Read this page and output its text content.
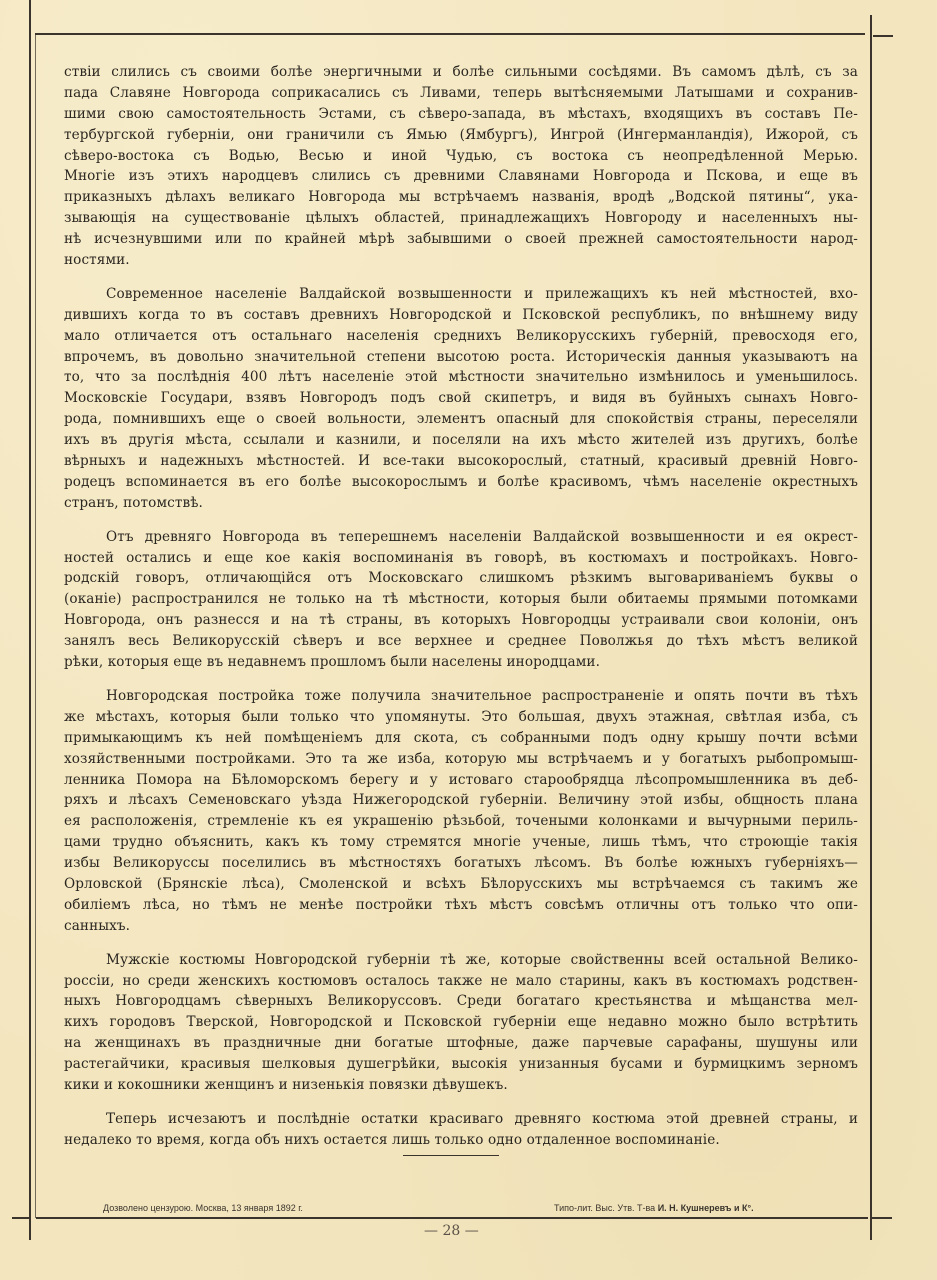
ствіи слились съ своими болѣе энергичными и болѣе сильными сосѣдями. Въ самомъ дѣлѣ, съ за
пада Славяне Новгорода соприкасались съ Ливами, теперь вытѣсняемыми Латышами и сохранив-
шими свою самостоятельность Эстами, съ сѣверо-запада, въ мѣстахъ, входящихъ въ составъ Пе-
тербургской губерніи, они граничили съ Ямью (Ямбургъ), Ингрой (Ингерманландія), Ижорой, съ
сѣверо-востока съ Водью, Весью и иной Чудью, съ востока съ неопредѣленной Мерью.
Многіе изъ этихъ народцевъ слились съ древними Славянами Новгорода и Пскова, и еще въ
приказныхъ дѣлахъ великаго Новгорода мы встрѣчаемъ названія, вродѣ „Водской пятины“, ука-
зывающія на существованіе цѣлыхъ областей, принадлежащихъ Новгороду и населенныхъ ны-
нѣ исчезнувшими или по крайней мѣрѣ забывшими о своей прежней самостоятельности народ-
ностями.
Современное населеніе Валдайской возвышенности и прилежащихъ къ ней мѣстностей, вхо-
дившихъ когда то въ составъ древнихъ Новгородской и Псковской республикъ, по внѣшнему виду
мало отличается отъ остальнаго населенія среднихъ Великорусскихъ губерній, превосходя его,
впрочемъ, въ довольно значительной степени высотою роста. Историческія данныя указываютъ на
то, что за послѣднія 400 лѣтъ населеніе этой мѣстности значительно измѣнилось и уменьшилось.
Московскіе Государи, взявъ Новгородъ подъ свой скипетръ, и видя въ буйныхъ сынахъ Новго-
рода, помнившихъ еще о своей вольности, элементъ опасный для спокойствія страны, переселяли
ихъ въ другія мѣста, ссылали и казнили, и поселяли на ихъ мѣсто жителей изъ другихъ, болѣе
вѣрныхъ и надежныхъ мѣстностей. И все-таки высокорослый, статный, красивый древній Новго-
родецъ вспоминается въ его болѣе высокорослымъ и болѣе красивомъ, чѣмъ населеніе окрестныхъ
странъ, потомствѣ.
Отъ древняго Новгорода въ теперешнемъ населеніи Валдайской возвышенности и ея окрест-
ностей остались и еще кое какія воспоминанія въ говорѣ, въ костюмахъ и постройкахъ. Новго-
родскій говоръ, отличающійся отъ Московскаго слишкомъ рѣзкимъ выговариваніемъ буквы о
(оканіе) распространился не только на тѣ мѣстности, которыя были обитаемы прямыми потомками
Новгорода, онъ разнесся и на тѣ страны, въ которыхъ Новгородцы устраивали свои колоніи, онъ
занялъ весь Великорусскій сѣверъ и все верхнее и среднее Поволжья до тѣхъ мѣстъ великой
рѣки, которыя еще въ недавнемъ прошломъ были населены инородцами.
Новгородская постройка тоже получила значительное распространеніе и опять почти въ тѣхъ
же мѣстахъ, которыя были только что упомянуты. Это большая, двухъ этажная, свѣтлая изба, съ
примыкающимъ къ ней помѣщеніемъ для скота, съ собранными подъ одну крышу почти всѣми
хозяйственными постройками. Это та же изба, которую мы встрѣчаемъ и у богатыхъ рыбопромыш-
ленника Помора на Бѣломорскомъ берегу и у истоваго старообрядца лѣсопромышленника въ деб-
ряхъ и лѣсахъ Семеновскаго уѣзда Нижегородской губерніи. Величину этой избы, общность плана
ея расположенія, стремленіе къ ея украшенію рѣзьбой, точеными колонками и вычурными периль-
цами трудно объяснить, какъ къ тому стремятся многіе ученые, лишь тѣмъ, что строющіе такія
избы Великоруссы поселились въ мѣстностяхъ богатыхъ лѣсомъ. Въ болѣе южныхъ губерніяхъ—
Орловской (Брянскіе лѣса), Смоленской и всѣхъ Бѣлорусскихъ мы встрѣчаемся съ такимъ же
обиліемъ лѣса, но тѣмъ не менѣе постройки тѣхъ мѣстъ совсѣмъ отличны отъ только что опи-
санныхъ.
Мужскіе костюмы Новгородской губерніи тѣ же, которые свойственны всей остальной Велико-
россіи, но среди женскихъ костюмовъ осталось также не мало старины, какъ въ костюмахъ родствен-
ныхъ Новгородцамъ сѣверныхъ Великоруссовъ. Среди богатаго крестьянства и мѣщанства мел-
кихъ городовъ Тверской, Новгородской и Псковской губерніи еще недавно можно было встрѣтить
на женщинахъ въ праздничные дни богатые штофные, даже парчевые сарафаны, шушуны или
растегайчики, красивыя шелковыя душегрѣйки, высокія унизанныя бусами и бурмицкимъ зерномъ
кики и кокошники женщинъ и низенькія повязки дѣвушекъ.
Теперь исчезаютъ и послѣдніе остатки красиваго древняго костюма этой древней страны, и
недалеко то время, когда объ нихъ остается лишь только одно отдаленное воспоминаніе.
Дозволено цензурою. Москва, 13 января 1892 г.	Типо-лит. Выс. Утв. Т-ва И. Н. Кушнеревъ и К°.
— 28 —
